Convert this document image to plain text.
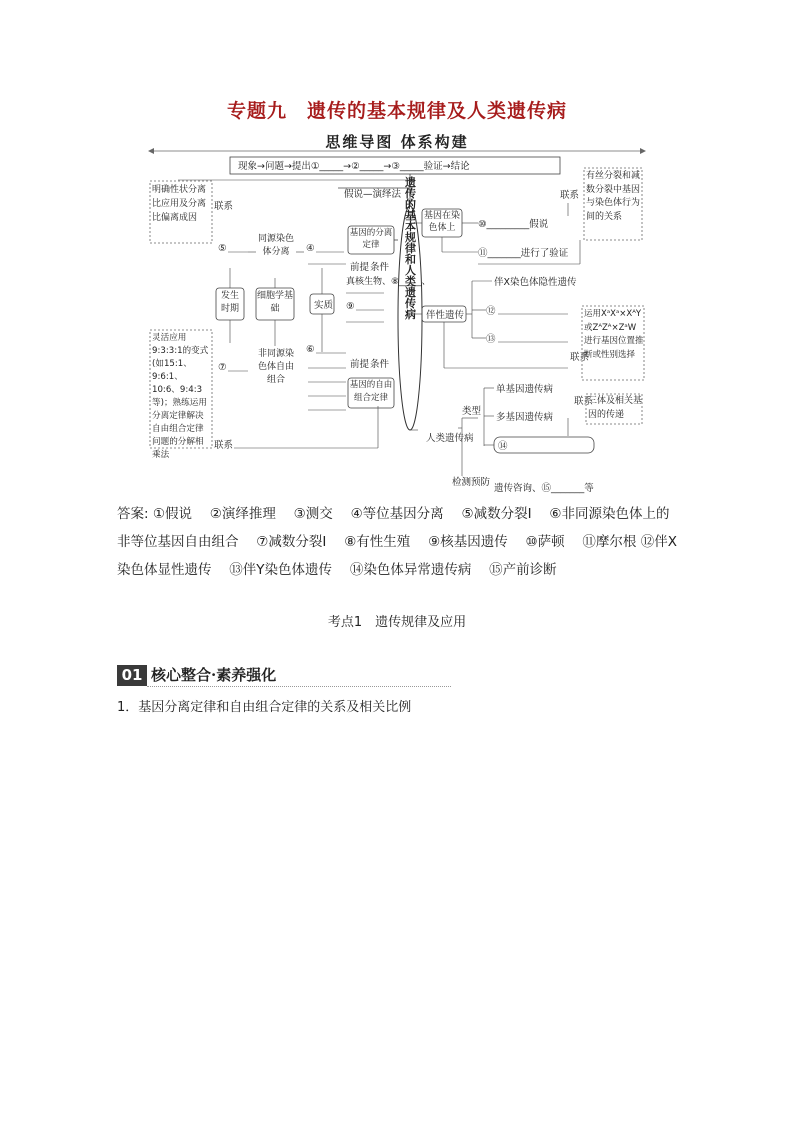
专题九　遗传的基本规律及人类遗传病
思维导图 体系构建
现象→问题→提出①_____→②_____→③_____验证→结论
假说—演绎法 遗传的基本规律和人类遗传病
明确性状分离比应用及分离比偏离成因
联系
基因的分离定律
⑤
同源染色体分离	④
前提 条件
真核生物、⑧_____、
⑨
发生时期
细胞学基础	实质
灵活应用9:3:3:1的变式(如15:1、9:6:1、10:6、9:4:3等)；熟练运用分离定律解决自由组合定律问题的分解相乘法
联系
⑦
非同源染色体自由组合
⑥
前提 条件
基因的自由组合定律
有丝分裂和减数分裂中基因与染色体行为间的关系
联系
基因在染色体上	⑩_________假说
⑪_______进行了验证
伴性遗传
伴X染色体隐性遗传
⑫
⑬
联系
运用XᵃXᵃ×XᴬY或ZᴬZᴬ×ZᵃW进行基因位置推断或性别选择
人类遗传病
类型
单基因遗传病
多基因遗传病
⑭
联系
三体及相关基因的传递
检测预防
遗传咨询、⑮_______等
答案: ①假说　 ②演绎推理　 ③测交　 ④等位基因分离　 ⑤减数分裂Ⅰ　 ⑥非同源染色体上的非等位基因自由组合　 ⑦减数分裂Ⅰ　 ⑧有性生殖　 ⑨核基因遗传　 ⑩萨顿　 ⑪摩尔根 ⑫伴X染色体显性遗传　 ⑬伴Y染色体遗传　 ⑭染色体异常遗传病　 ⑮产前诊断
考点1　遗传规律及应用
01 核心整合·素养强化
1．基因分离定律和自由组合定律的关系及相关比例
